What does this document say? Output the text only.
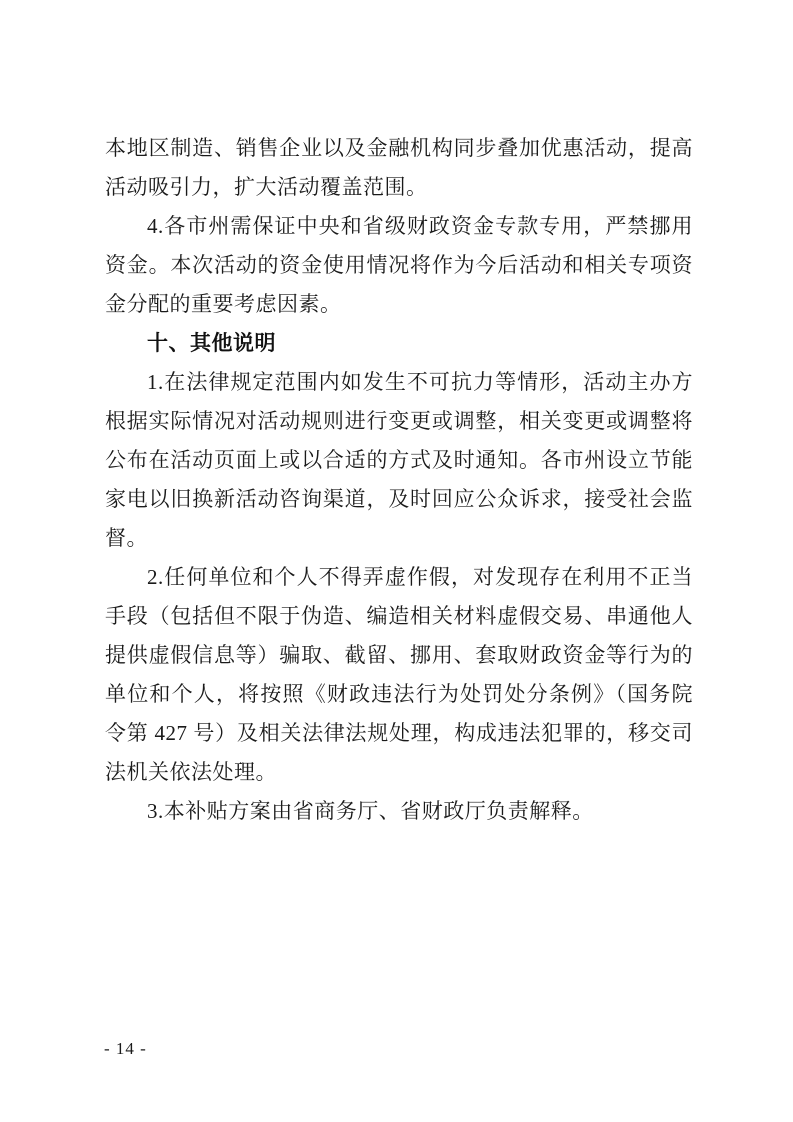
本地区制造、销售企业以及金融机构同步叠加优惠活动，提高活动吸引力，扩大活动覆盖范围。

4.各市州需保证中央和省级财政资金专款专用，严禁挪用资金。本次活动的资金使用情况将作为今后活动和相关专项资金分配的重要考虑因素。

十、其他说明

1.在法律规定范围内如发生不可抗力等情形，活动主办方根据实际情况对活动规则进行变更或调整，相关变更或调整将公布在活动页面上或以合适的方式及时通知。各市州设立节能家电以旧换新活动咨询渠道，及时回应公众诉求，接受社会监督。

2.任何单位和个人不得弄虚作假，对发现存在利用不正当手段（包括但不限于伪造、编造相关材料虚假交易、串通他人提供虚假信息等）骗取、截留、挪用、套取财政资金等行为的单位和个人，将按照《财政违法行为处罚处分条例》（国务院令第 427 号）及相关法律法规处理，构成违法犯罪的，移交司法机关依法处理。

3.本补贴方案由省商务厅、省财政厅负责解释。

- 14 -
